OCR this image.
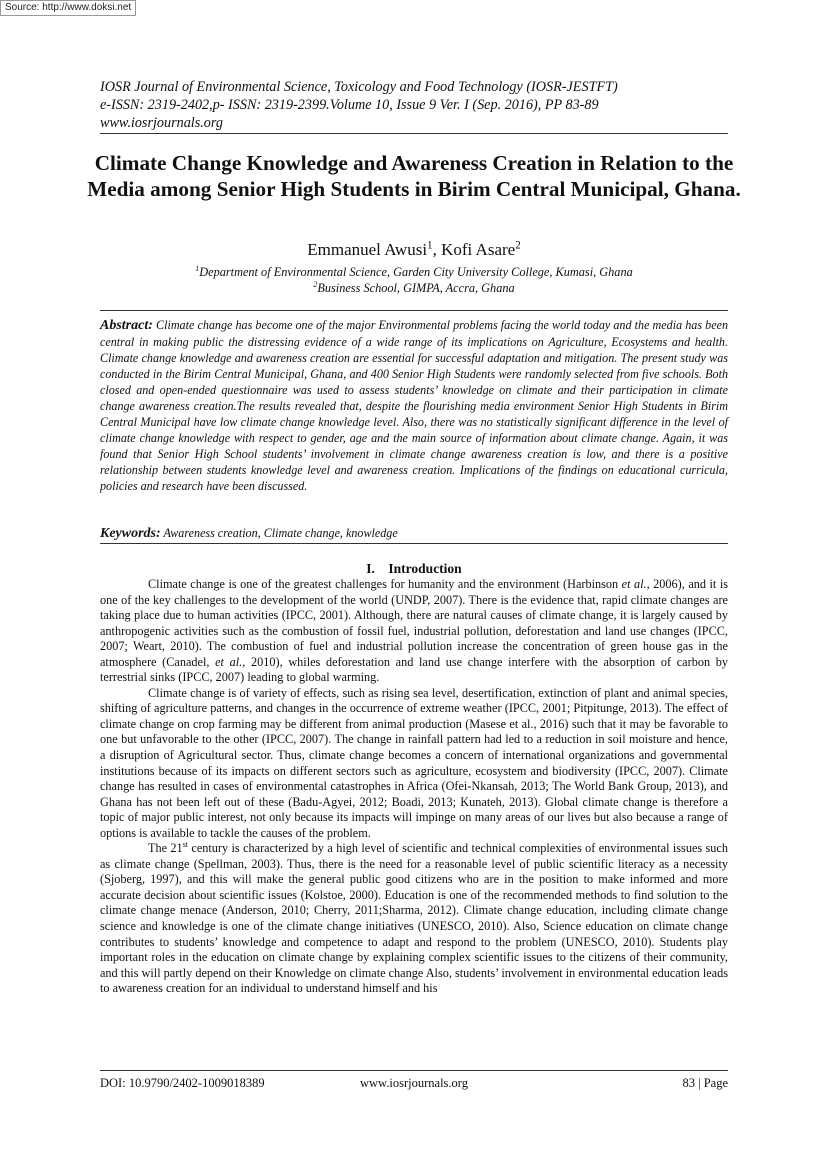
Source: http://www.doksi.net
IOSR Journal of Environmental Science, Toxicology and Food Technology (IOSR-JESTFT)
e-ISSN: 2319-2402,p- ISSN: 2319-2399.Volume 10, Issue 9 Ver. I (Sep. 2016), PP 83-89
www.iosrjournals.org
Climate Change Knowledge and Awareness Creation in Relation to the Media among Senior High Students in Birim Central Municipal, Ghana.
Emmanuel Awusi$^1$, Kofi Asare$^2$
$^1$Department of Environmental Science, Garden City University College, Kumasi, Ghana
$^2$Business School, GIMPA, Accra, Ghana
Abstract: Climate change has become one of the major Environmental problems facing the world today and the media has been central in making public the distressing evidence of a wide range of its implications on Agriculture, Ecosystems and health. Climate change knowledge and awareness creation are essential for successful adaptation and mitigation. The present study was conducted in the Birim Central Municipal, Ghana, and 400 Senior High Students were randomly selected from five schools. Both closed and open-ended questionnaire was used to assess students’ knowledge on climate and their participation in climate change awareness creation.The results revealed that, despite the flourishing media environment Senior High Students in Birim Central Municipal have low climate change knowledge level. Also, there was no statistically significant difference in the level of climate change knowledge with respect to gender, age and the main source of information about climate change. Again, it was found that Senior High School students’ involvement in climate change awareness creation is low, and there is a positive relationship between students knowledge level and awareness creation. Implications of the findings on educational curricula, policies and research have been discussed.
Keywords: Awareness creation, Climate change, knowledge
I. Introduction

Climate change is one of the greatest challenges for humanity and the environment (Harbinson et al., 2006), and it is one of the key challenges to the development of the world (UNDP, 2007). There is the evidence that, rapid climate changes are taking place due to human activities (IPCC, 2001). Although, there are natural causes of climate change, it is largely caused by anthropogenic activities such as the combustion of fossil fuel, industrial pollution, deforestation and land use changes (IPCC, 2007; Weart, 2010). The combustion of fuel and industrial pollution increase the concentration of green house gas in the atmosphere (Canadel, et al., 2010), whiles deforestation and land use change interfere with the absorption of carbon by terrestrial sinks (IPCC, 2007) leading to global warming.

Climate change is of variety of effects, such as rising sea level, desertification, extinction of plant and animal species, shifting of agriculture patterns, and changes in the occurrence of extreme weather (IPCC, 2001; Pitpitunge, 2013). The effect of climate change on crop farming may be different from animal production (Masese et al., 2016) such that it may be favorable to one but unfavorable to the other (IPCC, 2007). The change in rainfall pattern had led to a reduction in soil moisture and hence, a disruption of Agricultural sector. Thus, climate change becomes a concern of international organizations and governmental institutions because of its impacts on different sectors such as agriculture, ecosystem and biodiversity (IPCC, 2007). Climate change has resulted in cases of environmental catastrophes in Africa (Ofei-Nkansah, 2013; The World Bank Group, 2013), and Ghana has not been left out of these (Badu-Agyei, 2012; Boadi, 2013; Kunateh, 2013). Global climate change is therefore a topic of major public interest, not only because its impacts will impinge on many areas of our lives but also because a range of options is available to tackle the causes of the problem.

The 21st century is characterized by a high level of scientific and technical complexities of environmental issues such as climate change (Spellman, 2003). Thus, there is the need for a reasonable level of public scientific literacy as a necessity (Sjoberg, 1997), and this will make the general public good citizens who are in the position to make informed and more accurate decision about scientific issues (Kolstoe, 2000). Education is one of the recommended methods to find solution to the climate change menace (Anderson, 2010; Cherry, 2011;Sharma, 2012). Climate change education, including climate change science and knowledge is one of the climate change initiatives (UNESCO, 2010). Also, Science education on climate change contributes to students’ knowledge and competence to adapt and respond to the problem (UNESCO, 2010). Students play important roles in the education on climate change by explaining complex scientific issues to the citizens of their community, and this will partly depend on their Knowledge on climate change Also, students’ involvement in environmental education leads to awareness creation for an individual to understand himself and his

DOI: 10.9790/2402-1009018389	www.iosrjournals.org	83 | Page
